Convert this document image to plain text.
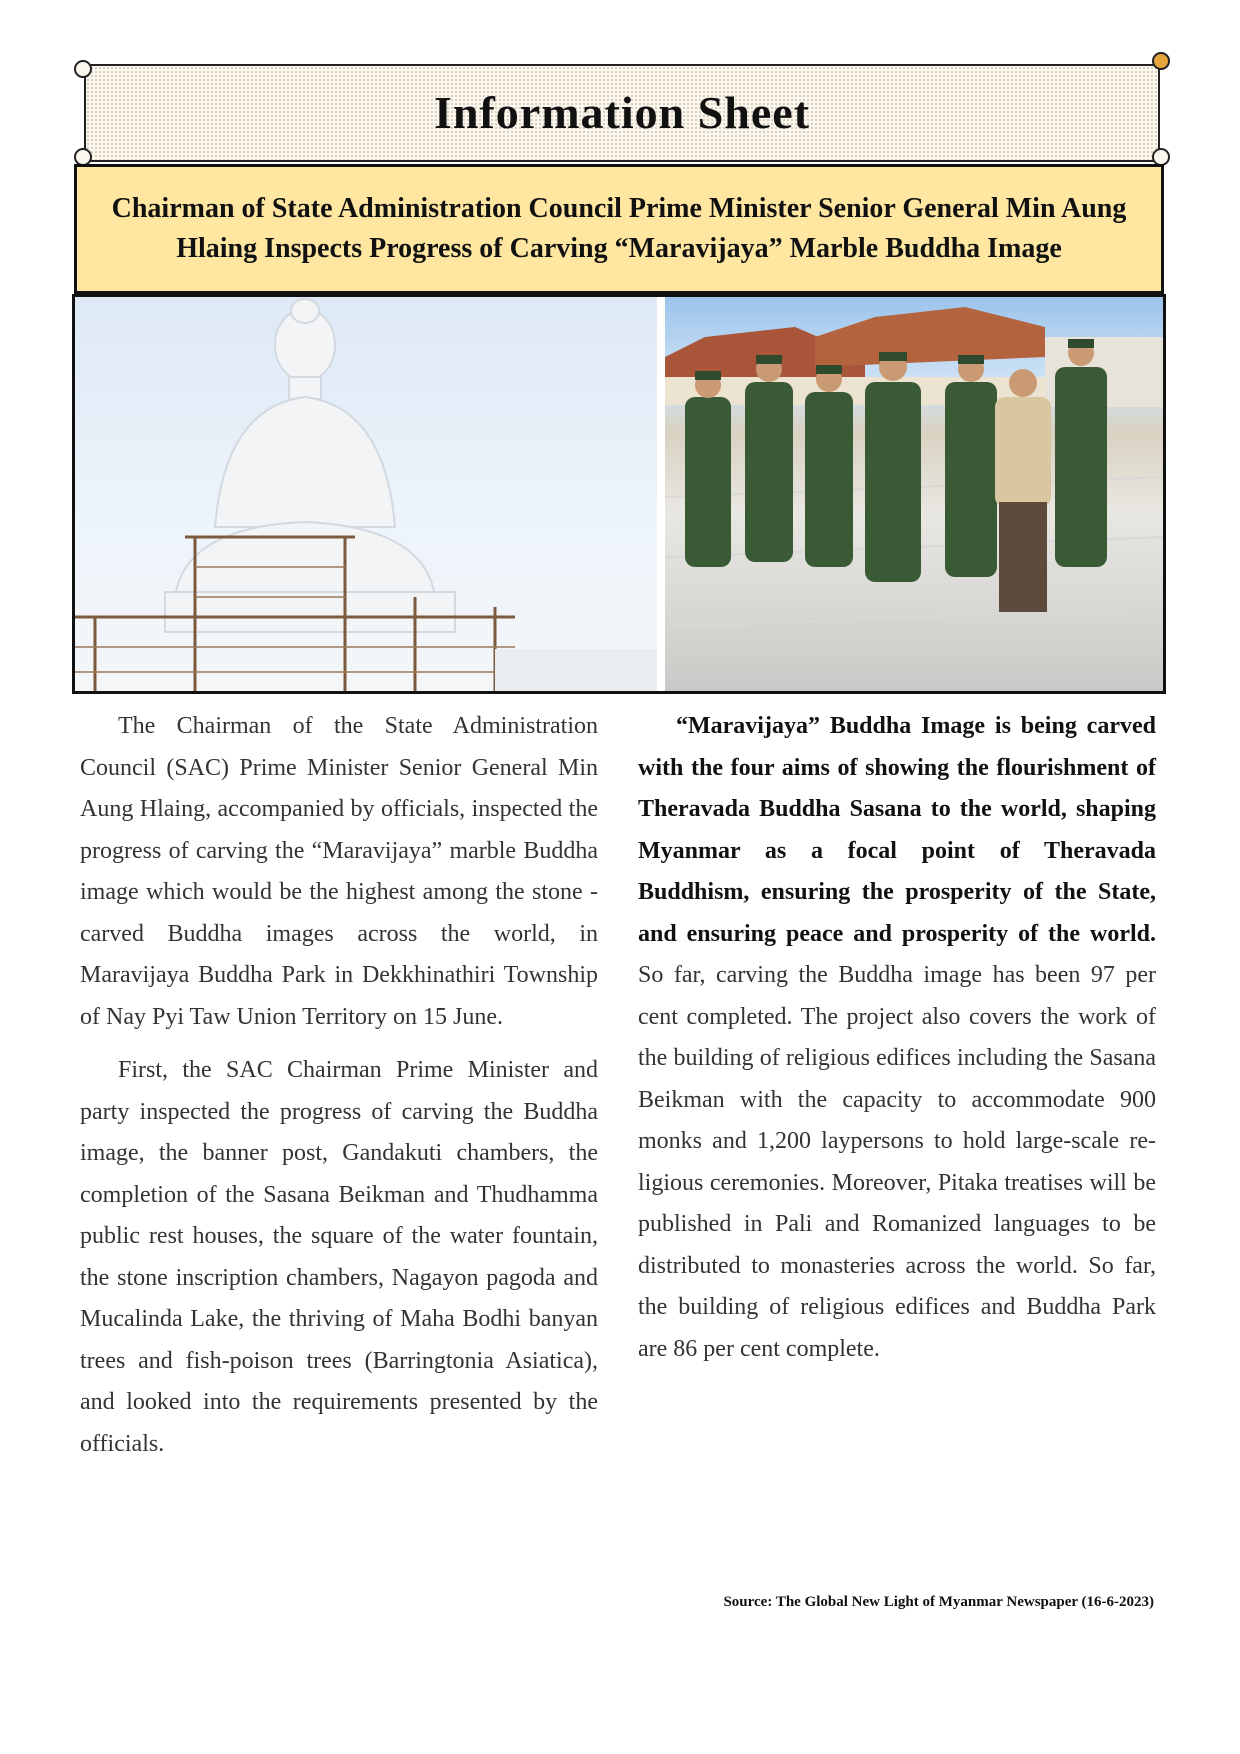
Information Sheet
Chairman of State Administration Council Prime Minister Senior General Min Aung Hlaing Inspects Progress of Carving “Maravijaya” Marble Buddha Image

The Chairman of the State Administration Council (SAC) Prime Minister Senior General Min Aung Hlaing, accompanied by officials, inspected the progress of carving the “Maravijaya” marble Buddha image which would be the highest among the stone -carved Buddha images across the world, in Maravijaya Buddha Park in Dekkhinathiri Township of Nay Pyi Taw Union Territory on 15 June.

First, the SAC Chairman Prime Minister and party inspected the progress of carving the Buddha image, the banner post, Gandakuti chambers, the completion of the Sasana Beikman and Thudhamma public rest houses, the square of the water fountain, the stone inscription chambers, Nagayon pagoda and Mucalinda Lake, the thriving of Maha Bodhi banyan trees and fish-poison trees (Barringtonia Asiatica), and looked into the requirements presented by the officials.

“Maravijaya” Buddha Image is being carved with the four aims of showing the flourishment of Theravada Buddha Sasana to the world, shaping Myanmar as a focal point of Theravada Buddhism, ensuring the prosperity of the State, and ensuring peace and prosperity of the world. So far, carving the Buddha image has been 97 per cent completed. The project also covers the work of the building of religious edifices including the Sasana Beikman with the capacity to accommodate 900 monks and 1,200 laypersons to hold large-scale religious ceremonies. Moreover, Pitaka treatises will be published in Pali and Romanized languages to be distributed to monasteries across the world. So far, the building of religious edifices and Buddha Park are 86 per cent complete.

Source: The Global New Light of Myanmar Newspaper (16-6-2023)
